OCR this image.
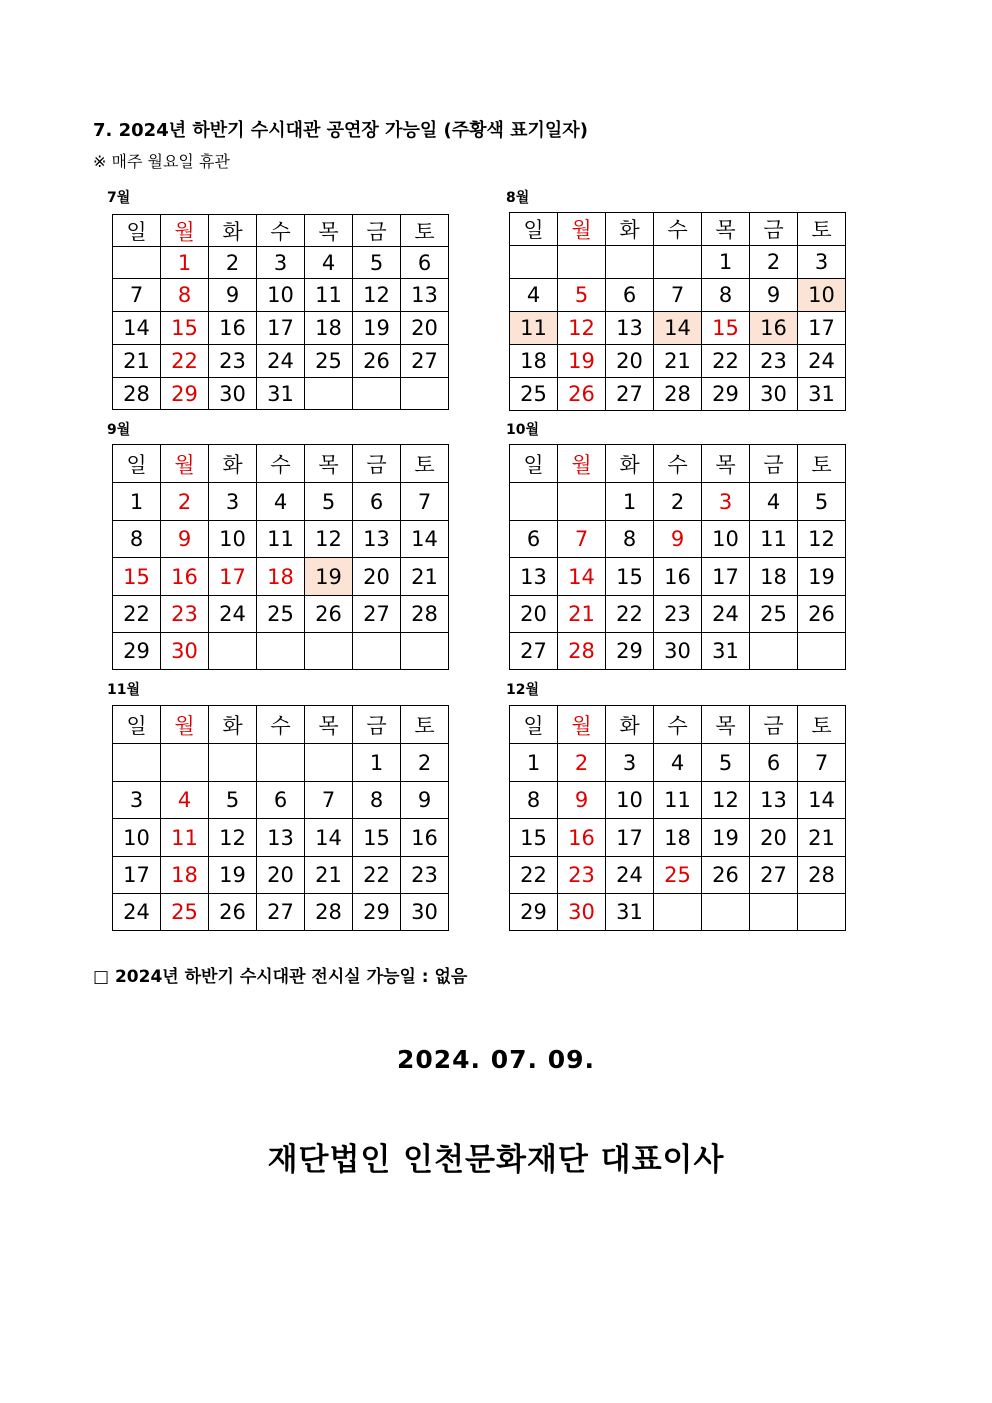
7. 2024년 하반기 수시대관 공연장 가능일 (주황색 표기일자)
※ 매주 월요일 휴관
7월
일	월	화	수	목	금	토
	1	2	3	4	5	6
7	8	9	10	11	12	13
14	15	16	17	18	19	20
21	22	23	24	25	26	27
28	29	30	31			
8월
일	월	화	수	목	금	토
				1	2	3
4	5	6	7	8	9	10
11	12	13	14	15	16	17
18	19	20	21	22	23	24
25	26	27	28	29	30	31
9월
일	월	화	수	목	금	토
1	2	3	4	5	6	7
8	9	10	11	12	13	14
15	16	17	18	19	20	21
22	23	24	25	26	27	28
29	30					
10월
일	월	화	수	목	금	토
		1	2	3	4	5
6	7	8	9	10	11	12
13	14	15	16	17	18	19
20	21	22	23	24	25	26
27	28	29	30	31		
11월
일	월	화	수	목	금	토
					1	2
3	4	5	6	7	8	9
10	11	12	13	14	15	16
17	18	19	20	21	22	23
24	25	26	27	28	29	30
12월
일	월	화	수	목	금	토
1	2	3	4	5	6	7
8	9	10	11	12	13	14
15	16	17	18	19	20	21
22	23	24	25	26	27	28
29	30	31				
□ 2024년 하반기 수시대관 전시실 가능일 : 없음
2024. 07. 09.
재단법인 인천문화재단 대표이사
